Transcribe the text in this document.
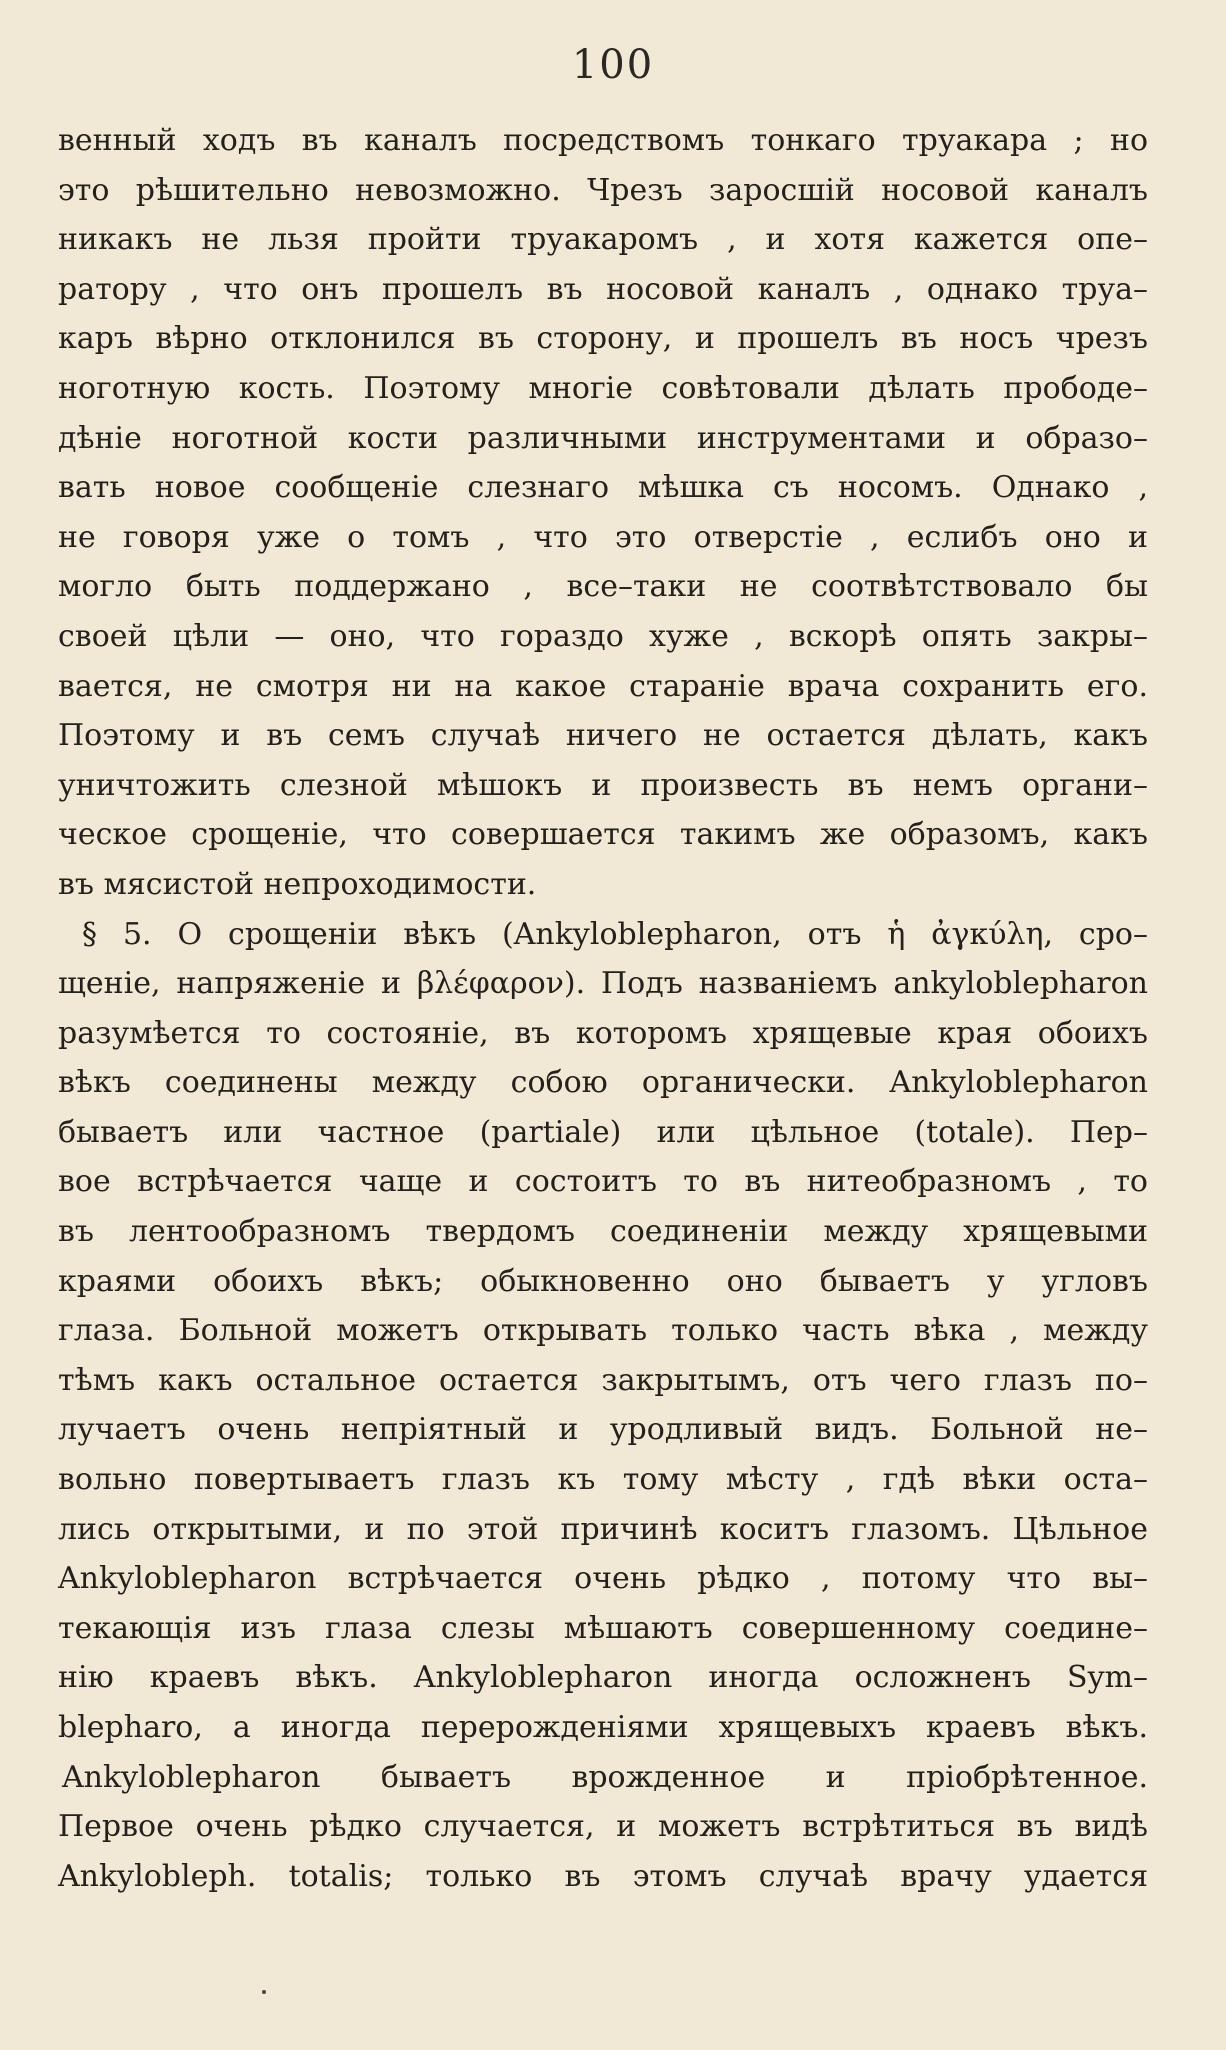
100
венный ходъ въ каналъ посредствомъ тонкаго труакара ; но
это рѣшительно невозможно. Чрезъ заросшій носовой каналъ
никакъ не льзя пройти труакаромъ , и хотя кажется опе–
ратору , что онъ прошелъ въ носовой каналъ , однако труа–
каръ вѣрно отклонился въ сторону, и прошелъ въ носъ чрезъ
ноготную кость. Поэтому многіе совѣтовали дѣлать прободе–
дѣніе ноготной кости различными инструментами и образо–
вать новое сообщеніе слезнаго мѣшка съ носомъ. Однако ,
не говоря уже о томъ , что это отверстіе , еслибъ оно и
могло быть поддержано , все–таки не соотвѣтствовало бы
своей цѣли — оно, что гораздо хуже , вскорѣ опять закры–
вается, не смотря ни на какое стараніе врача сохранить его.
Поэтому и въ семъ случаѣ ничего не остается дѣлать, какъ
уничтожить слезной мѣшокъ и произвесть въ немъ органи–
ческое срощеніе, что совершается такимъ же образомъ, какъ
въ мясистой непроходимости.
§ 5. О срощеніи вѣкъ (Ankyloblepharon, отъ ἡ ἀγκύλη, сро–
щеніе, напряженіе и βλέφαρον). Подъ названіемъ ankyloblepharon
разумѣется то состояніе, въ которомъ хрящевые края обоихъ
вѣкъ соединены между собою органически. Ankyloblepharon
бываетъ или частное (partiale) или цѣльное (totale). Пер–
вое встрѣчается чаще и состоитъ то въ нитеобразномъ , то
въ лентообразномъ твердомъ соединеніи между хрящевыми
краями обоихъ вѣкъ; обыкновенно оно бываетъ у угловъ
глаза. Больной можетъ открывать только часть вѣка , между
тѣмъ какъ остальное остается закрытымъ, отъ чего глазъ по–
лучаетъ очень непріятный и уродливый видъ. Больной не–
вольно повертываетъ глазъ къ тому мѣсту , гдѣ вѣки оста–
лись открытыми, и по этой причинѣ коситъ глазомъ. Цѣльное
Ankyloblepharon встрѣчается очень рѣдко , потому что вы–
текающія изъ глаза слезы мѣшаютъ совершенному соедине–
нію краевъ вѣкъ. Ankyloblepharon иногда осложненъ Sym–
blepharo, а иногда перерожденіями хрящевыхъ краевъ вѣкъ.
Ankyloblepharon бываетъ врожденное и пріобрѣтенное.
Первое очень рѣдко случается, и можетъ встрѣтиться въ видѣ
Ankylobleph. totalis; только въ этомъ случаѣ врачу удается
